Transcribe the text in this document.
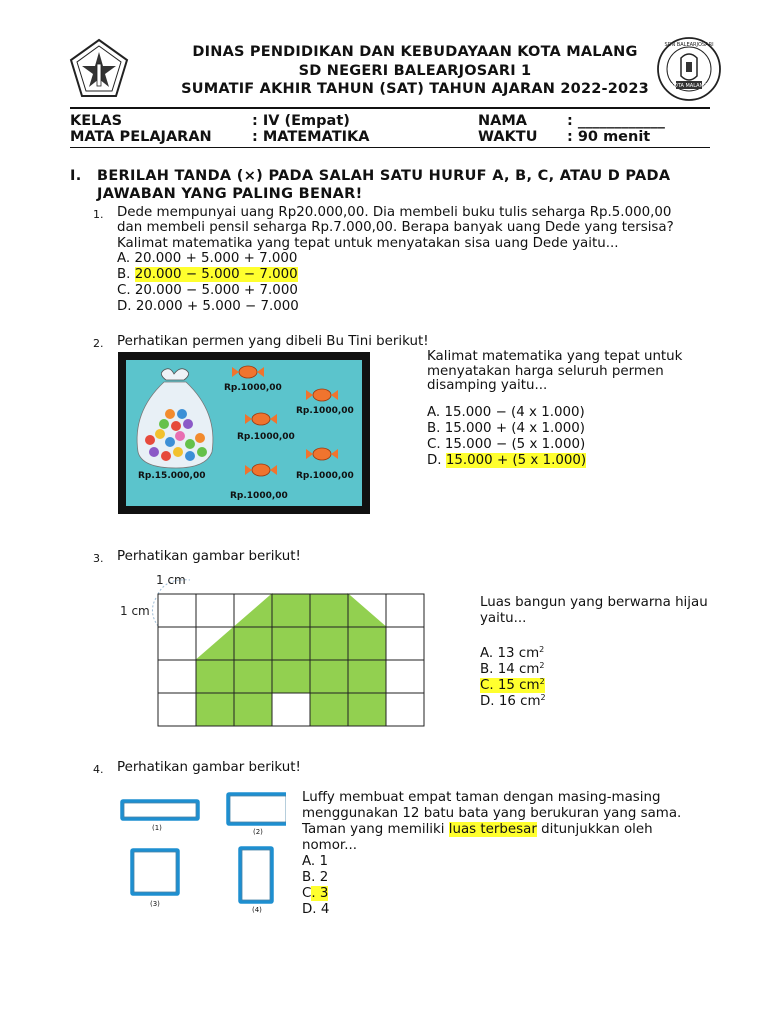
DINAS PENDIDIKAN DAN KEBUDAYAAN KOTA MALANG
SD NEGERI BALEARJOSARI 1
SUMATIF AKHIR TAHUN (SAT) TAHUN AJARAN 2022-2023	KOTA MALANG
SDN BALEARJOSARI
KELAS	: IV (Empat)	NAMA	: ____________
MATA PELAJARAN	: MATEMATIKA	WAKTU : 90 menit
I. BERILAH TANDA (×) PADA SALAH SATU HURUF A, B, C, ATAU D PADA
JAWABAN YANG PALING BENAR!
1. Dede mempunyai uang Rp20.000,00. Dia membeli buku tulis seharga Rp.5.000,00
dan membeli pensil seharga Rp.7.000,00. Berapa banyak uang Dede yang tersisa?
Kalimat matematika yang tepat untuk menyatakan sisa uang Dede yaitu...
A. 20.000 + 5.000 + 7.000
B. 20.000 − 5.000 − 7.000
C. 20.000 − 5.000 + 7.000
D. 20.000 + 5.000 − 7.000
2. Perhatikan permen yang dibeli Bu Tini berikut!
Rp.1000,00
Rp.1000,00
Rp.1000,00
Rp.1000,00
Rp.1000,00
Rp.15.000,00
Kalimat matematika yang tepat untuk
menyatakan harga seluruh permen
disamping yaitu...
A. 15.000 − (4 x 1.000)
B. 15.000 + (4 x 1.000)
C. 15.000 − (5 x 1.000)
D. 15.000 + (5 x 1.000)
3. Perhatikan gambar berikut!
1 cm
1 cm
Luas bangun yang berwarna hijau
yaitu...
A. 13 $cm^2$
B. 14 $cm^2$
C. 15 $cm^2$
D. 16 $cm^2$
4. Perhatikan gambar berikut!
(1)	(2)
(3)
(4)
Luffy membuat empat taman dengan masing-masing
menggunakan 12 batu bata yang berukuran yang sama.
Taman yang memiliki luas terbesar ditunjukkan oleh
nomor...
A. 1
B. 2
C. 3
D. 4
